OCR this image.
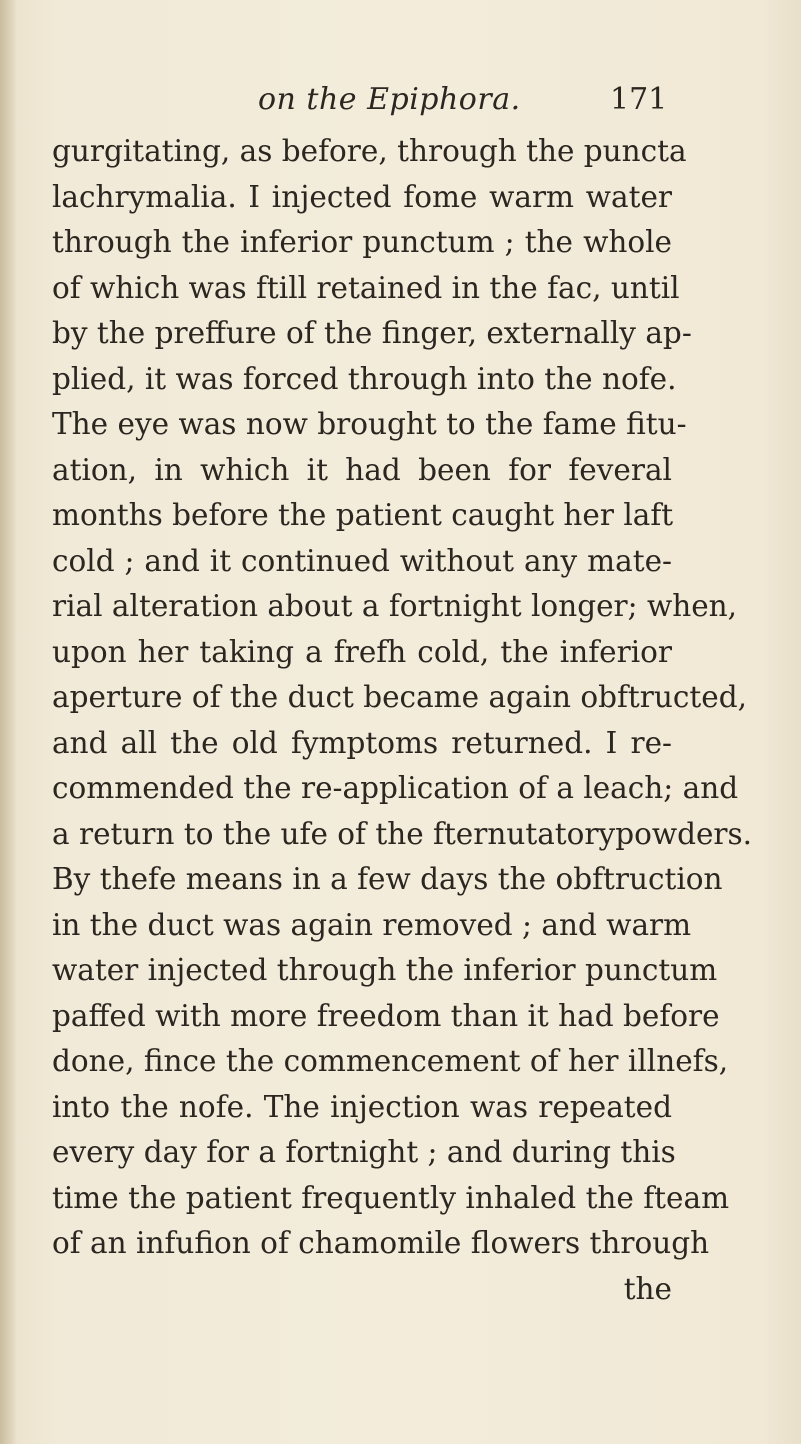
on the Epiphora.	171
gurgitating, as before, through the puncta
lachrymalia. I injected fome warm water
through the inferior punctum ; the whole
of which was ftill retained in the fac, until
by the preffure of the finger, externally ap-
plied, it was forced through into the nofe.
The eye was now brought to the fame fitu-
ation, in which it had been for feveral
months before the patient caught her laft
cold ; and it continued without any mate-
rial alteration about a fortnight longer; when,
upon her taking a frefh cold, the inferior
aperture of the duct became again obftructed,
and all the old fymptoms returned. I re-
commended the re-application of a leach; and
a return to the ufe of the fternutatorypowders.
By thefe means in a few days the obftruction
in the duct was again removed ; and warm
water injected through the inferior punctum
paffed with more freedom than it had before
done, fince the commencement of her illnefs,
into the nofe. The injection was repeated
every day for a fortnight ; and during this
time the patient frequently inhaled the fteam
of an infufion of chamomile flowers through
the
